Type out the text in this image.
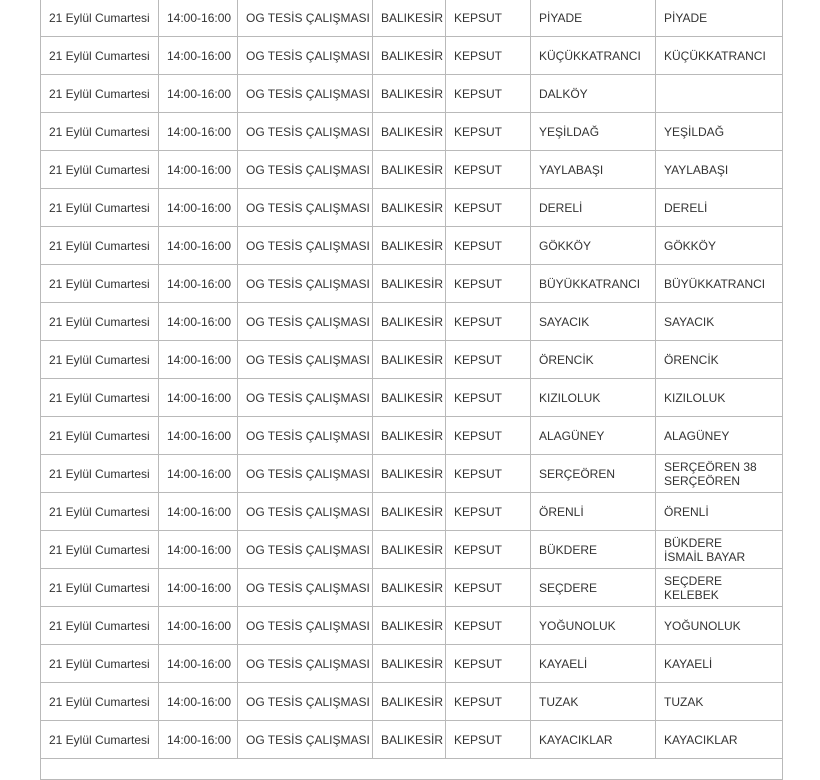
21 Eylül Cumartesi	14:00-16:00	OG TESİS ÇALIŞMASI	BALIKESİR	KEPSUT	PİYADE	PİYADE
21 Eylül Cumartesi	14:00-16:00	OG TESİS ÇALIŞMASI	BALIKESİR	KEPSUT	KÜÇÜKKATRANCI	KÜÇÜKKATRANCI
21 Eylül Cumartesi	14:00-16:00	OG TESİS ÇALIŞMASI	BALIKESİR	KEPSUT	DALKÖY	
21 Eylül Cumartesi	14:00-16:00	OG TESİS ÇALIŞMASI	BALIKESİR	KEPSUT	YEŞİLDAĞ	YEŞİLDAĞ
21 Eylül Cumartesi	14:00-16:00	OG TESİS ÇALIŞMASI	BALIKESİR	KEPSUT	YAYLABAŞI	YAYLABAŞI
21 Eylül Cumartesi	14:00-16:00	OG TESİS ÇALIŞMASI	BALIKESİR	KEPSUT	DERELİ	DERELİ
21 Eylül Cumartesi	14:00-16:00	OG TESİS ÇALIŞMASI	BALIKESİR	KEPSUT	GÖKKÖY	GÖKKÖY
21 Eylül Cumartesi	14:00-16:00	OG TESİS ÇALIŞMASI	BALIKESİR	KEPSUT	BÜYÜKKATRANCI	BÜYÜKKATRANCI
21 Eylül Cumartesi	14:00-16:00	OG TESİS ÇALIŞMASI	BALIKESİR	KEPSUT	SAYACIK	SAYACIK
21 Eylül Cumartesi	14:00-16:00	OG TESİS ÇALIŞMASI	BALIKESİR	KEPSUT	ÖRENCİK	ÖRENCİK
21 Eylül Cumartesi	14:00-16:00	OG TESİS ÇALIŞMASI	BALIKESİR	KEPSUT	KIZILOLUK	KIZILOLUK
21 Eylül Cumartesi	14:00-16:00	OG TESİS ÇALIŞMASI	BALIKESİR	KEPSUT	ALAGÜNEY	ALAGÜNEY
21 Eylül Cumartesi	14:00-16:00	OG TESİS ÇALIŞMASI	BALIKESİR	KEPSUT	SERÇEÖREN	SERÇEÖREN 38
SERÇEÖREN
21 Eylül Cumartesi	14:00-16:00	OG TESİS ÇALIŞMASI	BALIKESİR	KEPSUT	ÖRENLİ	ÖRENLİ
21 Eylül Cumartesi	14:00-16:00	OG TESİS ÇALIŞMASI	BALIKESİR	KEPSUT	BÜKDERE	BÜKDERE
İSMAİL BAYAR
21 Eylül Cumartesi	14:00-16:00	OG TESİS ÇALIŞMASI	BALIKESİR	KEPSUT	SEÇDERE	SEÇDERE
KELEBEK
21 Eylül Cumartesi	14:00-16:00	OG TESİS ÇALIŞMASI	BALIKESİR	KEPSUT	YOĞUNOLUK	YOĞUNOLUK
21 Eylül Cumartesi	14:00-16:00	OG TESİS ÇALIŞMASI	BALIKESİR	KEPSUT	KAYAELİ	KAYAELİ
21 Eylül Cumartesi	14:00-16:00	OG TESİS ÇALIŞMASI	BALIKESİR	KEPSUT	TUZAK	TUZAK
21 Eylül Cumartesi	14:00-16:00	OG TESİS ÇALIŞMASI	BALIKESİR	KEPSUT	KAYACIKLAR	KAYACIKLAR
